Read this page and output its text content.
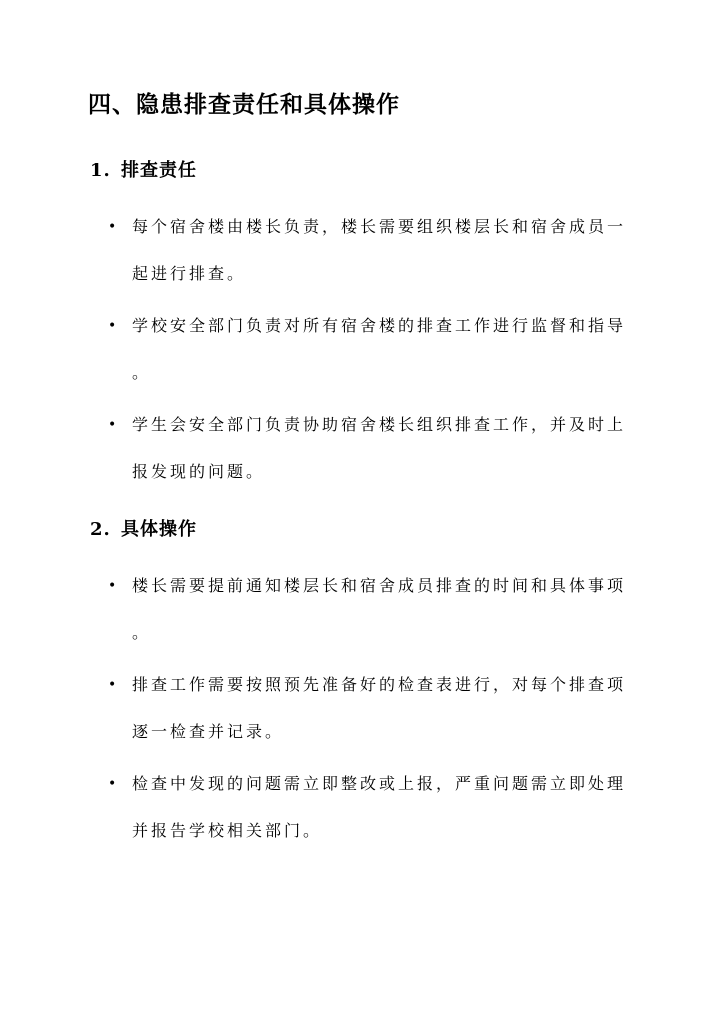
四、隐患排查责任和具体操作
1. 排查责任
• 每个宿舍楼由楼长负责，楼长需要组织楼层长和宿舍成员一
起进行排查。
• 学校安全部门负责对所有宿舍楼的排查工作进行监督和指导
。
• 学生会安全部门负责协助宿舍楼长组织排查工作，并及时上
报发现的问题。
2. 具体操作
• 楼长需要提前通知楼层长和宿舍成员排查的时间和具体事项
。
• 排查工作需要按照预先准备好的检查表进行，对每个排查项
逐一检查并记录。
• 检查中发现的问题需立即整改或上报，严重问题需立即处理
并报告学校相关部门。
